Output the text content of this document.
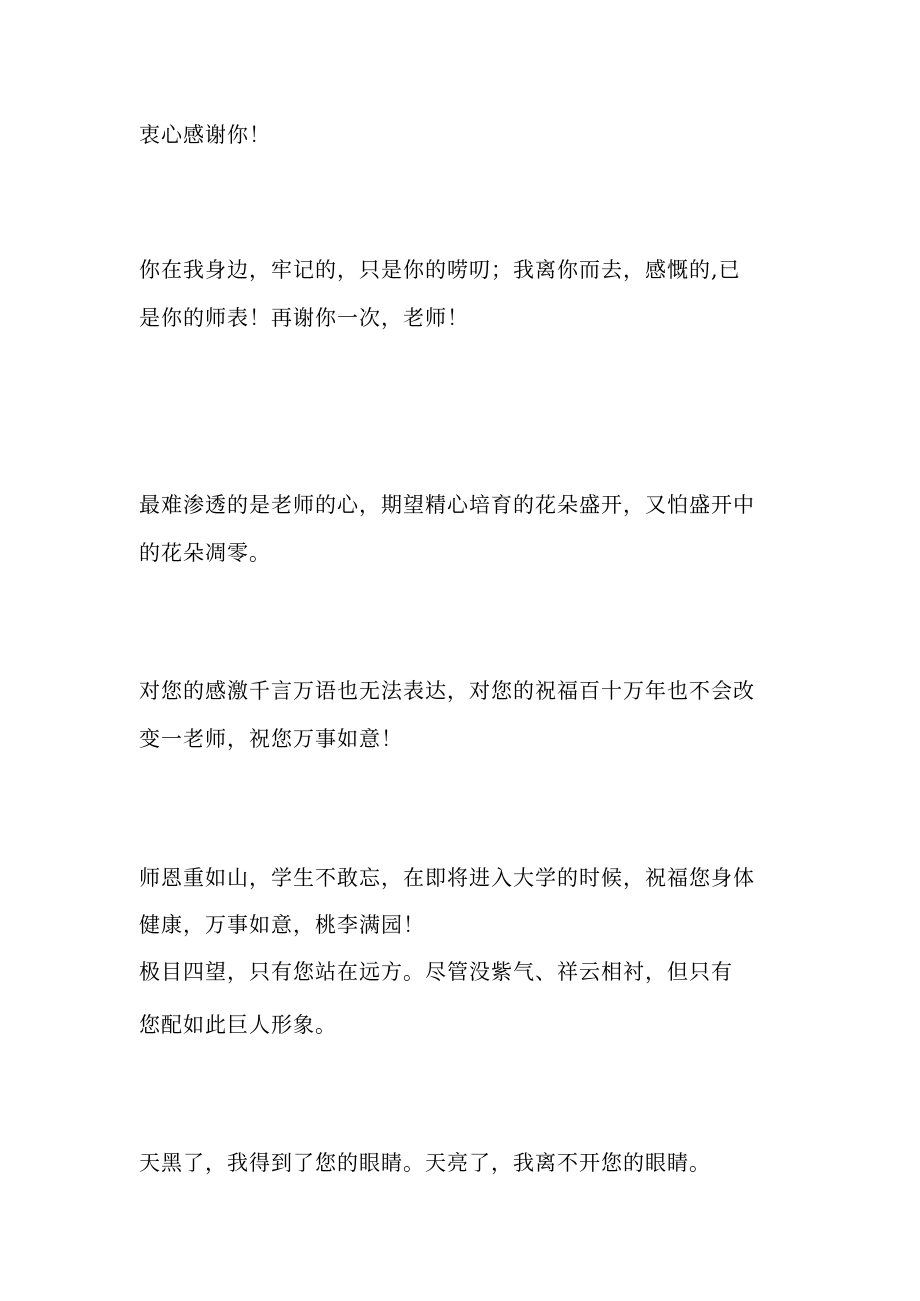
衷心感谢你！
你在我身边，牢记的，只是你的唠叨；我离你而去，感慨的,已
是你的师表！再谢你一次，老师！
最难渗透的是老师的心，期望精心培育的花朵盛开，又怕盛开中
的花朵凋零。
对您的感激千言万语也无法表达，对您的祝福百十万年也不会改
变一老师，祝您万事如意！
师恩重如山，学生不敢忘，在即将进入大学的时候，祝福您身体
健康，万事如意，桃李满园！
极目四望，只有您站在远方。尽管没紫气、祥云相衬，但只有
您配如此巨人形象。
天黑了，我得到了您的眼睛。天亮了，我离不开您的眼睛。
